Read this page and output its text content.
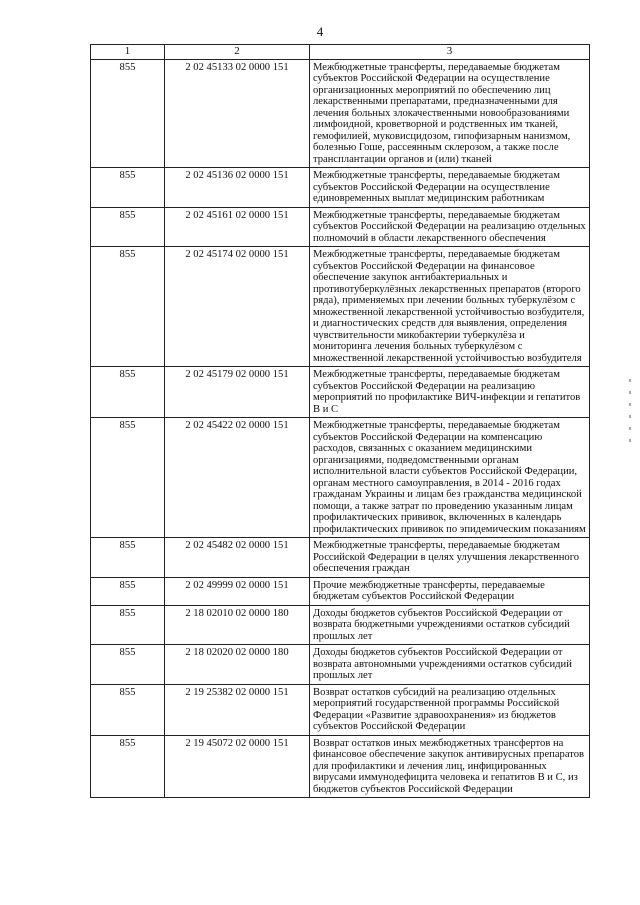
4
1	2	3
855	2 02 45133 02 0000 151	Межбюджетные трансферты, передаваемые бюджетам субъектов Российской Федерации на осуществление организационных мероприятий по обеспечению лиц лекарственными препаратами, предназначенными для лечения больных злокачественными новообразованиями лимфоидной, кроветворной и родственных им тканей, гемофилией, муковисцидозом, гипофизарным нанизмом, болезнью Гоше, рассеянным склерозом, а также после трансплантации органов и (или) тканей
855	2 02 45136 02 0000 151	Межбюджетные трансферты, передаваемые бюджетам субъектов Российской Федерации на осуществление единовременных выплат медицинским работникам
855	2 02 45161 02 0000 151	Межбюджетные трансферты, передаваемые бюджетам субъектов Российской Федерации на реализацию отдельных полномочий в области лекарственного обеспечения
855	2 02 45174 02 0000 151	Межбюджетные трансферты, передаваемые бюджетам субъектов Российской Федерации на финансовое обеспечение закупок антибактериальных и противотуберкулёзных лекарственных препаратов (второго ряда), применяемых при лечении больных туберкулёзом с множественной лекарственной устойчивостью возбудителя, и диагностических средств для выявления, определения чувствительности микобактерии туберкулёза и мониторинга лечения больных туберкулёзом с множественной лекарственной устойчивостью возбудителя
855	2 02 45179 02 0000 151	Межбюджетные трансферты, передаваемые бюджетам субъектов Российской Федерации на реализацию мероприятий по профилактике ВИЧ-инфекции и гепатитов B и C
855	2 02 45422 02 0000 151	Межбюджетные трансферты, передаваемые бюджетам субъектов Российской Федерации на компенсацию расходов, связанных с оказанием медицинскими организациями, подведомственными органам исполнительной власти субъектов Российской Федерации, органам местного самоуправления, в 2014 - 2016 годах гражданам Украины и лицам без гражданства медицинской помощи, а также затрат по проведению указанным лицам профилактических прививок, включенных в календарь профилактических прививок по эпидемическим показаниям
855	2 02 45482 02 0000 151	Межбюджетные трансферты, передаваемые бюджетам Российской Федерации в целях улучшения лекарственного обеспечения граждан
855	2 02 49999 02 0000 151	Прочие межбюджетные трансферты, передаваемые бюджетам субъектов Российской Федерации
855	2 18 02010 02 0000 180	Доходы бюджетов субъектов Российской Федерации от возврата бюджетными учреждениями остатков субсидий прошлых лет
855	2 18 02020 02 0000 180	Доходы бюджетов субъектов Российской Федерации от возврата автономными учреждениями остатков субсидий прошлых лет
855	2 19 25382 02 0000 151	Возврат остатков субсидий на реализацию отдельных мероприятий государственной программы Российской Федерации «Развитие здравоохранения» из бюджетов субъектов Российской Федерации
855	2 19 45072 02 0000 151	Возврат остатков иных межбюджетных трансфертов на финансовое обеспечение закупок антивирусных препаратов для профилактики и лечения лиц, инфицированных вирусами иммунодефицита человека и гепатитов B и C, из бюджетов субъектов Российской Федерации
